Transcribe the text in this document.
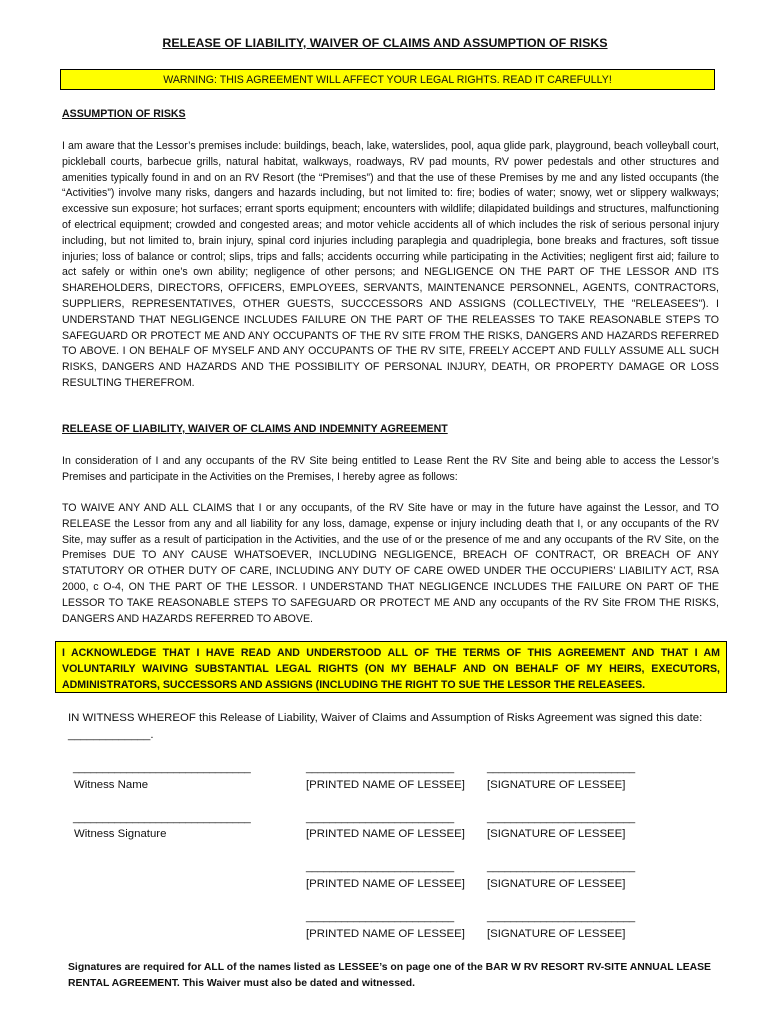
RELEASE OF LIABILITY, WAIVER OF CLAIMS AND ASSUMPTION OF RISKS
WARNING: THIS AGREEMENT WILL AFFECT YOUR LEGAL RIGHTS. READ IT CAREFULLY!
ASSUMPTION OF RISKS

I am aware that the Lessor’s premises include: buildings, beach, lake, waterslides, pool, aqua glide park, playground, beach volleyball court, pickleball courts, barbecue grills, natural habitat, walkways, roadways, RV pad mounts, RV power pedestals and other structures and amenities typically found in and on an RV Resort (the “Premises”) and that the use of these Premises by me and any listed occupants (the “Activities”) involve many risks, dangers and hazards including, but not limited to: fire; bodies of water; snowy, wet or slippery walkways; excessive sun exposure; hot surfaces; errant sports equipment; encounters with wildlife; dilapidated buildings and structures, malfunctioning of electrical equipment; crowded and congested areas; and motor vehicle accidents all of which includes the risk of serious personal injury including, but not limited to, brain injury, spinal cord injuries including paraplegia and quadriplegia, bone breaks and fractures, soft tissue injuries; loss of balance or control; slips, trips and falls; accidents occurring while participating in the Activities; negligent first aid; failure to act safely or within one’s own ability; negligence of other persons; and NEGLIGENCE ON THE PART OF THE LESSOR AND ITS SHAREHOLDERS, DIRECTORS, OFFICERS, EMPLOYEES, SERVANTS, MAINTENANCE PERSONNEL, AGENTS, CONTRACTORS, SUPPLIERS, REPRESENTATIVES, OTHER GUESTS, SUCCCESSORS AND ASSIGNS (COLLECTIVELY, THE "RELEASEES"). I UNDERSTAND THAT NEGLIGENCE INCLUDES FAILURE ON THE PART OF THE RELEASSES TO TAKE REASONABLE STEPS TO SAFEGUARD OR PROTECT ME AND ANY OCCUPANTS OF THE RV SITE FROM THE RISKS, DANGERS AND HAZARDS REFERRED TO ABOVE. I ON BEHALF OF MYSELF AND ANY OCCUPANTS OF THE RV SITE, FREELY ACCEPT AND FULLY ASSUME ALL SUCH RISKS, DANGERS AND HAZARDS AND THE POSSIBILITY OF PERSONAL INJURY, DEATH, OR PROPERTY DAMAGE OR LOSS RESULTING THEREFROM.

RELEASE OF LIABILITY, WAIVER OF CLAIMS AND INDEMNITY AGREEMENT

In consideration of I and any occupants of the RV Site being entitled to Lease Rent the RV Site and being able to access the Lessor’s Premises and participate in the Activities on the Premises, I hereby agree as follows:

TO WAIVE ANY AND ALL CLAIMS that I or any occupants, of the RV Site have or may in the future have against the Lessor, and TO RELEASE the Lessor from any and all liability for any loss, damage, expense or injury including death that I, or any occupants of the RV Site, may suffer as a result of participation in the Activities, and the use of or the presence of me and any occupants of the RV Site, on the Premises DUE TO ANY CAUSE WHATSOEVER, INCLUDING NEGLIGENCE, BREACH OF CONTRACT, OR BREACH OF ANY STATUTORY OR OTHER DUTY OF CARE, INCLUDING ANY DUTY OF CARE OWED UNDER THE OCCUPIERS’ LIABILITY ACT, RSA 2000, c O-4, ON THE PART OF THE LESSOR. I UNDERSTAND THAT NEGLIGENCE INCLUDES THE FAILURE ON PART OF THE LESSOR TO TAKE REASONABLE STEPS TO SAFEGUARD OR PROTECT ME AND any occupants of the RV Site FROM THE RISKS, DANGERS AND HAZARDS REFERRED TO ABOVE.

I ACKNOWLEDGE THAT I HAVE READ AND UNDERSTOOD ALL OF THE TERMS OF THIS AGREEMENT AND THAT I AM VOLUNTARILY WAIVING SUBSTANTIAL LEGAL RIGHTS (ON MY BEHALF AND ON BEHALF OF MY HEIRS, EXECUTORS, ADMINISTRATORS, SUCCESSORS AND ASSIGNS (INCLUDING THE RIGHT TO SUE THE LESSOR THE RELEASEES.

IN WITNESS WHEREOF this Release of Liability, Waiver of Claims and Assumption of Risks Agreement was signed this date: _____________.

______________________________	_________________________	_________________________
Witness Name	[PRINTED NAME OF LESSEE] [SIGNATURE OF LESSEE]
______________________________	_________________________	_________________________
Witness Signature	[PRINTED NAME OF LESSEE] [SIGNATURE OF LESSEE]
_________________________	_________________________
[PRINTED NAME OF LESSEE] [SIGNATURE OF LESSEE]
_________________________	_________________________
[PRINTED NAME OF LESSEE] [SIGNATURE OF LESSEE]

Signatures are required for ALL of the names listed as LESSEE’s on page one of the BAR W RV RESORT RV-SITE ANNUAL LEASE RENTAL AGREEMENT. This Waiver must also be dated and witnessed.
